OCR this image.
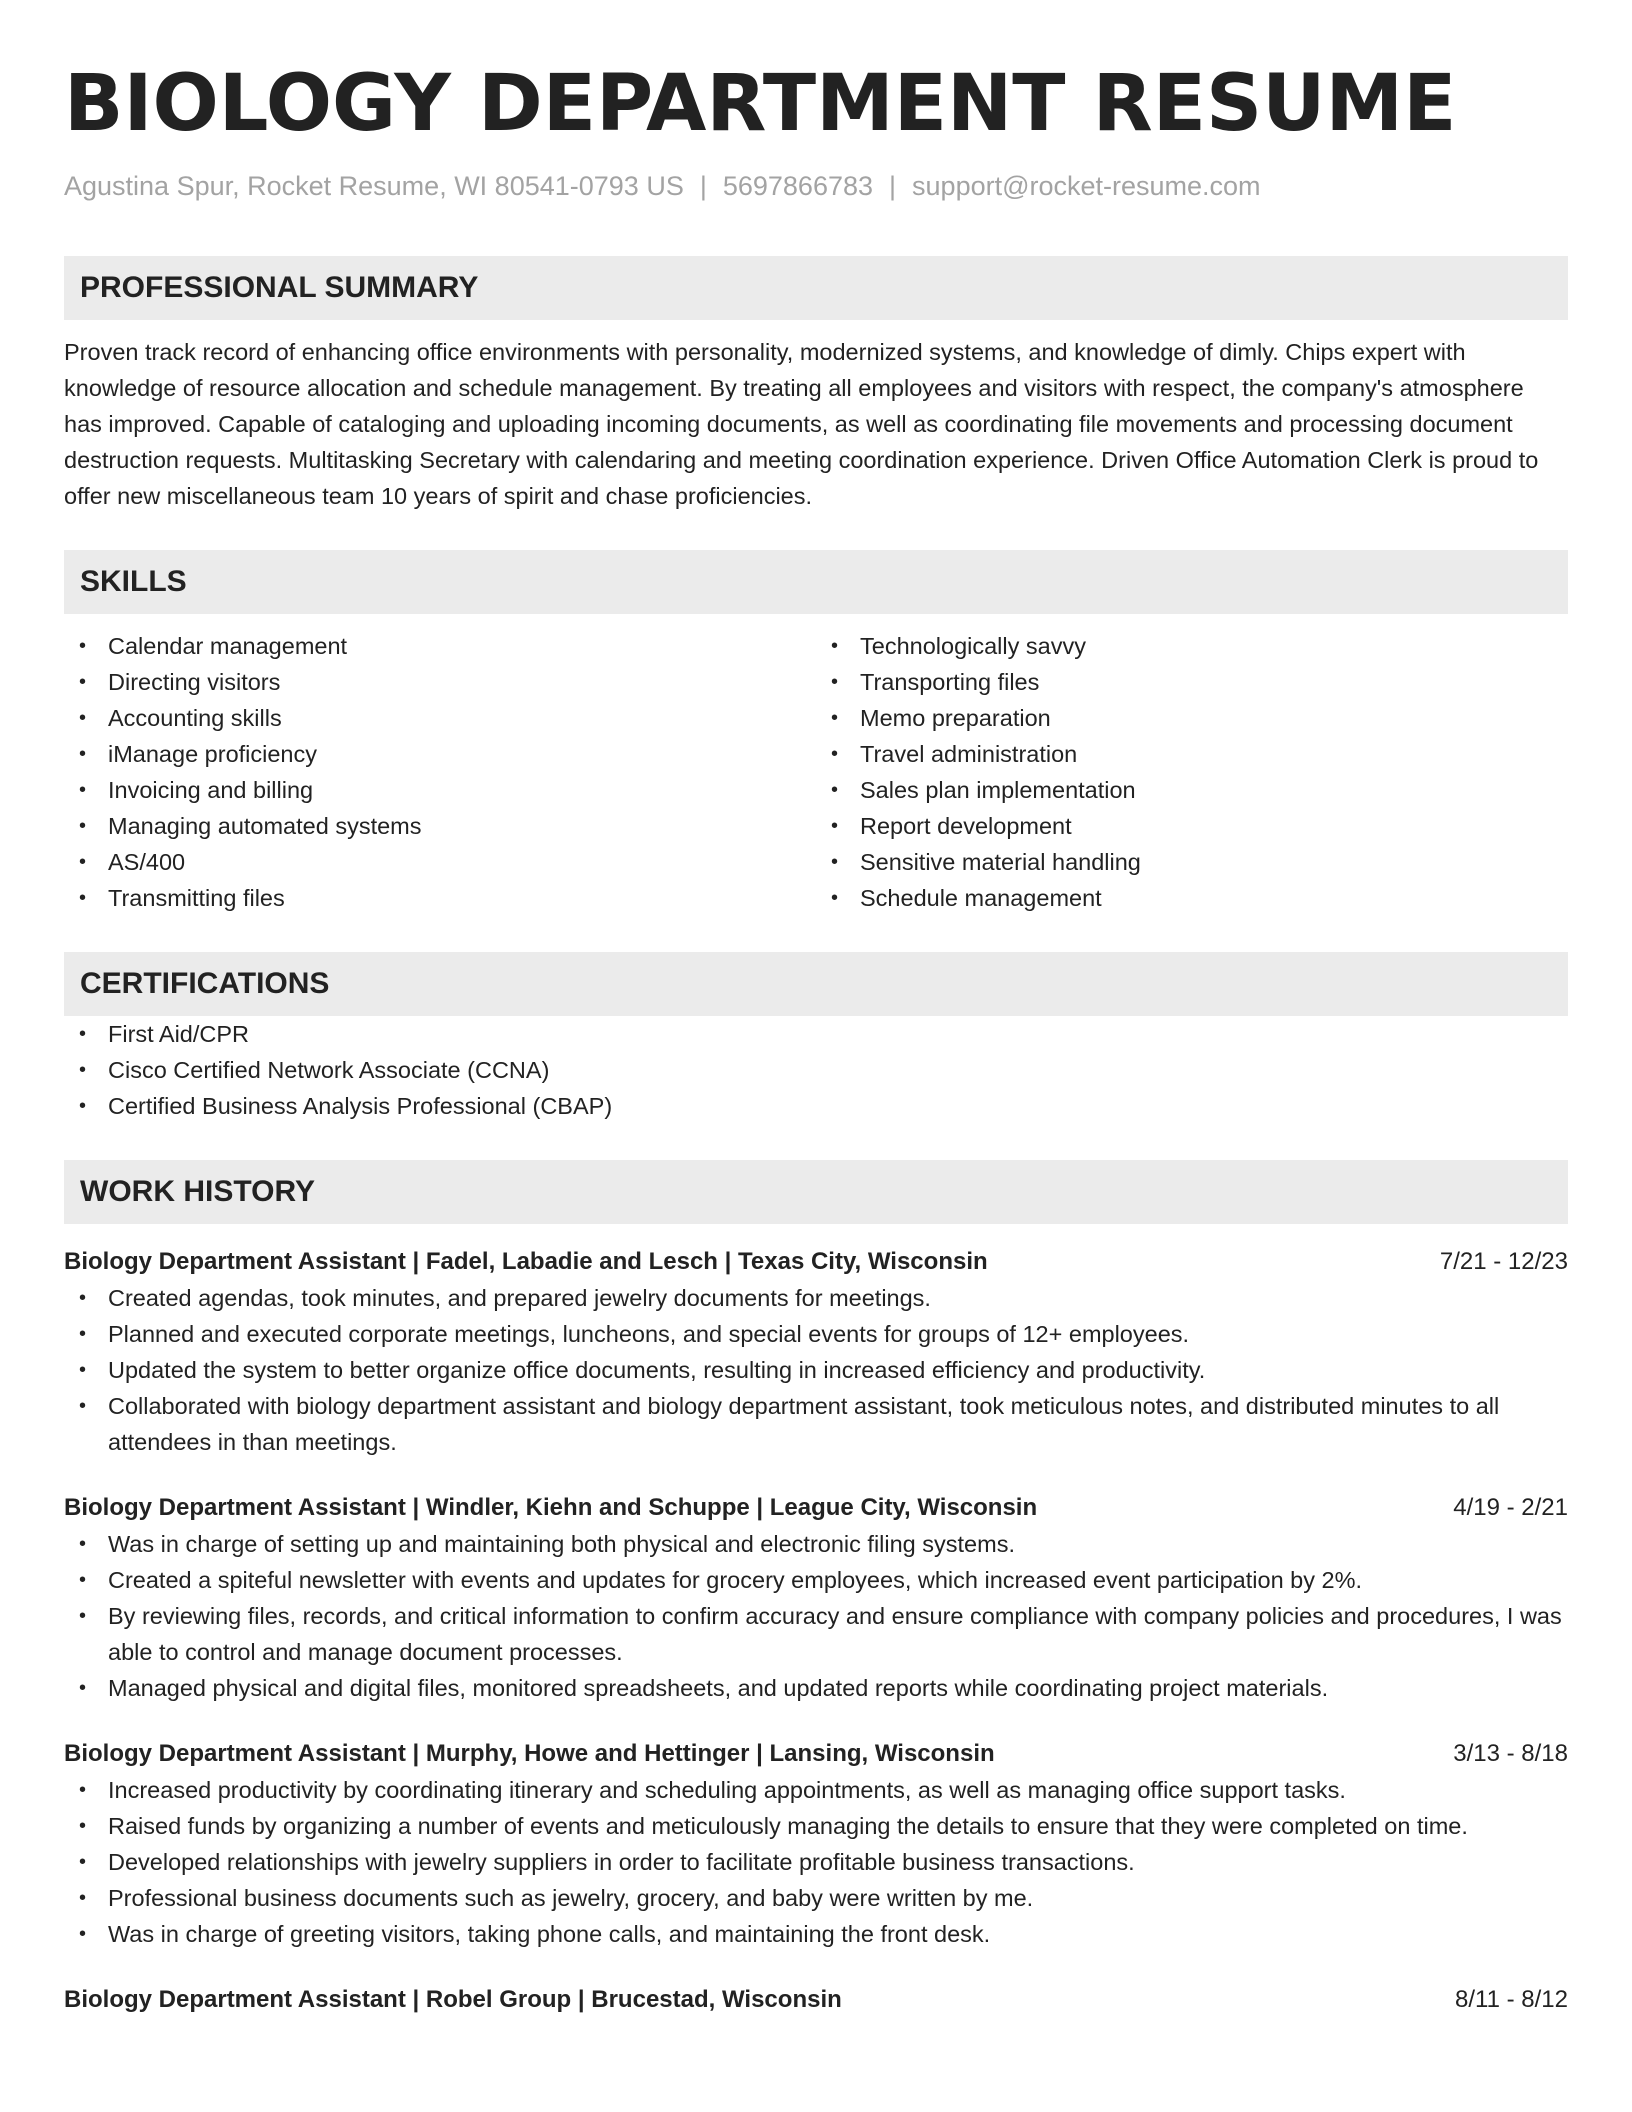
BIOLOGY DEPARTMENT RESUME
Agustina Spur, Rocket Resume, WI 80541-0793 US | 5697866783 | support@rocket-resume.com
PROFESSIONAL SUMMARY
Proven track record of enhancing office environments with personality, modernized systems, and knowledge of dimly. Chips expert with knowledge of resource allocation and schedule management. By treating all employees and visitors with respect, the company's atmosphere has improved. Capable of cataloging and uploading incoming documents, as well as coordinating file movements and processing document destruction requests. Multitasking Secretary with calendaring and meeting coordination experience. Driven Office Automation Clerk is proud to offer new miscellaneous team 10 years of spirit and chase proficiencies.
SKILLS
• Calendar management
• Directing visitors
• Accounting skills
• iManage proficiency
• Invoicing and billing
• Managing automated systems
• AS/400
• Transmitting files
• Technologically savvy
• Transporting files
• Memo preparation
• Travel administration
• Sales plan implementation
• Report development
• Sensitive material handling
• Schedule management
CERTIFICATIONS
• First Aid/CPR
• Cisco Certified Network Associate (CCNA)
• Certified Business Analysis Professional (CBAP)
WORK HISTORY
Biology Department Assistant | Fadel, Labadie and Lesch | Texas City, Wisconsin	7/21 - 12/23
• Created agendas, took minutes, and prepared jewelry documents for meetings.
• Planned and executed corporate meetings, luncheons, and special events for groups of 12+ employees.
• Updated the system to better organize office documents, resulting in increased efficiency and productivity.
• Collaborated with biology department assistant and biology department assistant, took meticulous notes, and distributed minutes to all attendees in than meetings.
Biology Department Assistant | Windler, Kiehn and Schuppe | League City, Wisconsin	4/19 - 2/21
• Was in charge of setting up and maintaining both physical and electronic filing systems.
• Created a spiteful newsletter with events and updates for grocery employees, which increased event participation by 2%.
• By reviewing files, records, and critical information to confirm accuracy and ensure compliance with company policies and procedures, I was able to control and manage document processes.
• Managed physical and digital files, monitored spreadsheets, and updated reports while coordinating project materials.
Biology Department Assistant | Murphy, Howe and Hettinger | Lansing, Wisconsin	3/13 - 8/18
• Increased productivity by coordinating itinerary and scheduling appointments, as well as managing office support tasks.
• Raised funds by organizing a number of events and meticulously managing the details to ensure that they were completed on time.
• Developed relationships with jewelry suppliers in order to facilitate profitable business transactions.
• Professional business documents such as jewelry, grocery, and baby were written by me.
• Was in charge of greeting visitors, taking phone calls, and maintaining the front desk.
Biology Department Assistant | Robel Group | Brucestad, Wisconsin	8/11 - 8/12
